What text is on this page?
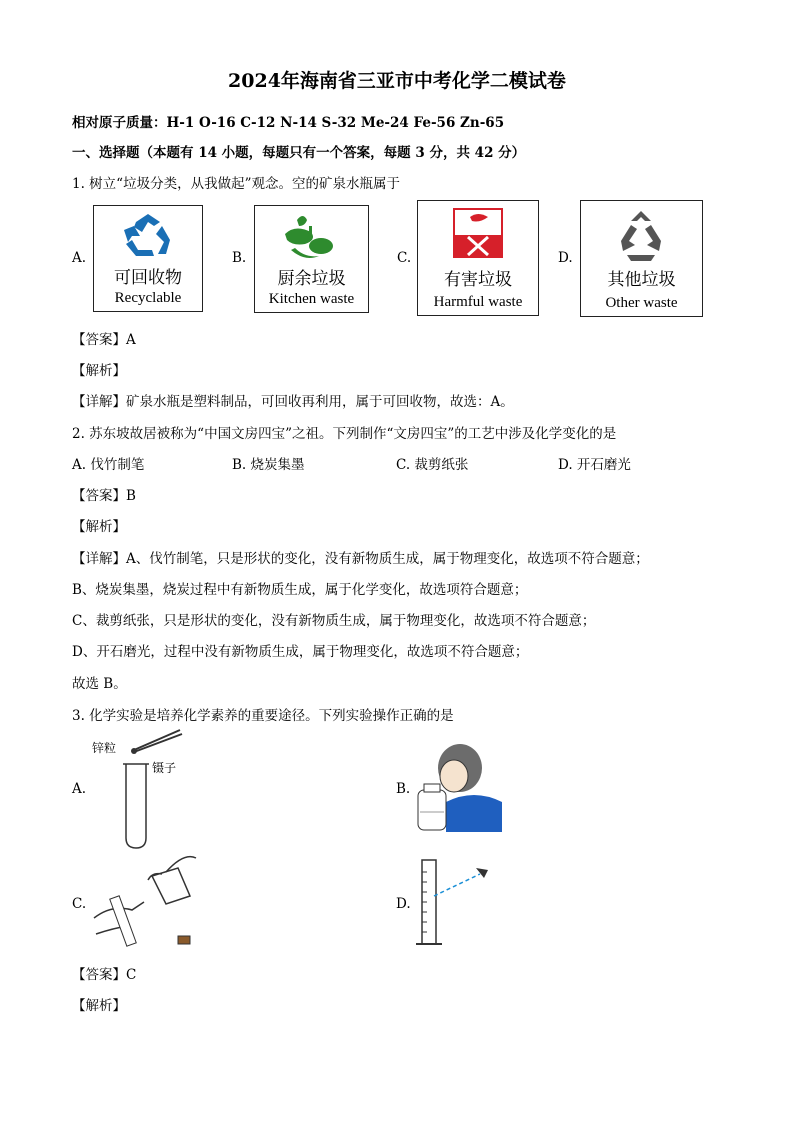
2024年海南省三亚市中考化学二模试卷
相对原子质量：H-1 O-16 C-12 N-14 S-32 Me-24 Fe-56 Zn-65
一、选择题（本题有 14 小题，每题只有一个答案，每题 3 分，共 42 分）
1. 树立“垃圾分类，从我做起”观念。空的矿泉水瓶属于
A.
可回收物
Recyclable
B.
厨余垃圾
Kitchen waste
C.
有害垃圾
Harmful waste
D.
其他垃圾
Other waste
【答案】A
【解析】
【详解】矿泉水瓶是塑料制品，可回收再利用，属于可回收物，故选：A。
2. 苏东坡故居被称为“中国文房四宝”之祖。下列制作“文房四宝”的工艺中涉及化学变化的是
A. 伐竹制笔	B. 烧炭集墨	C. 裁剪纸张	D. 开石磨光
【答案】B
【解析】
【详解】A、伐竹制笔，只是形状的变化，没有新物质生成，属于物理变化，故选项不符合题意；
B、烧炭集墨，烧炭过程中有新物质生成，属于化学变化，故选项符合题意；
C、裁剪纸张，只是形状的变化，没有新物质生成，属于物理变化，故选项不符合题意；
D、开石磨光，过程中没有新物质生成，属于物理变化，故选项不符合题意；
故选 B。
3. 化学实验是培养化学素养的重要途径。下列实验操作正确的是
A.
锌粒
镊子
B.
C.	D.
【答案】C
【解析】
